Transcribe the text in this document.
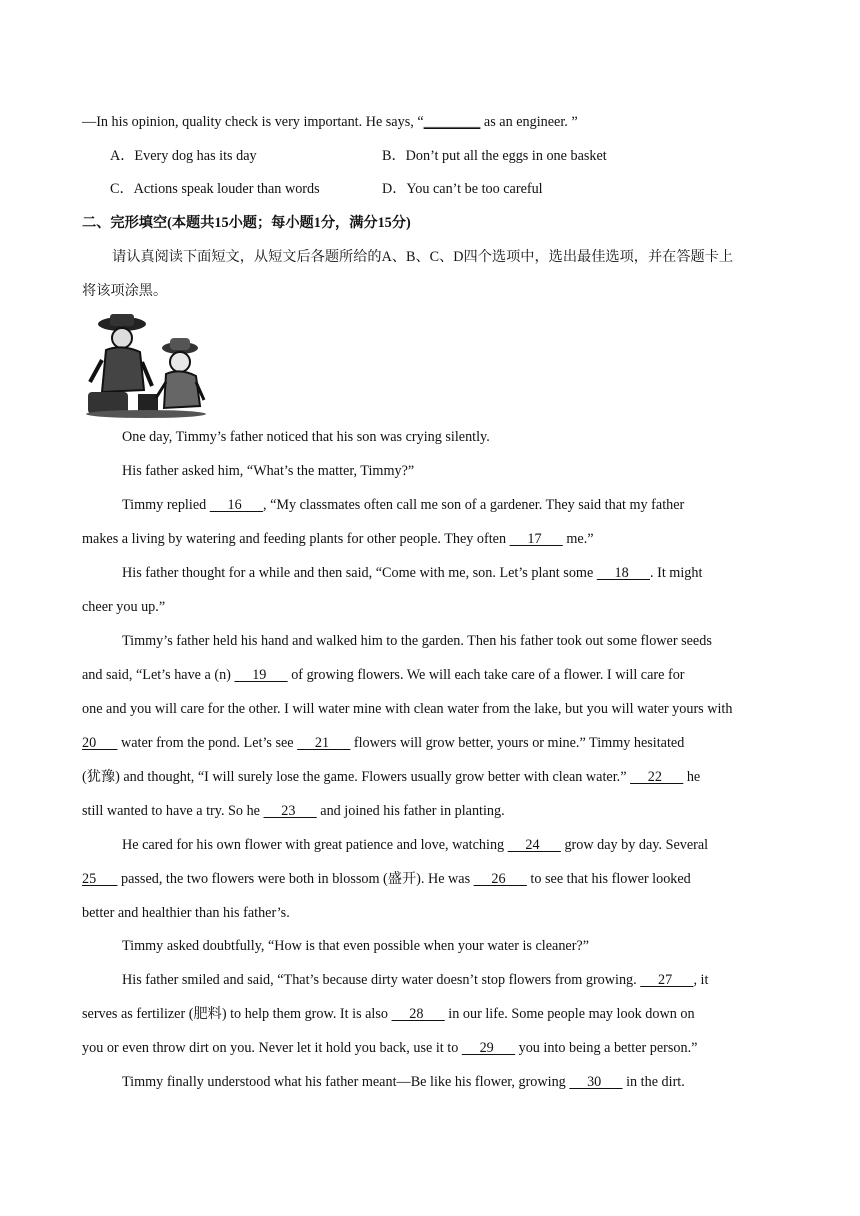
—In his opinion, quality check is very important. He says, “________ as an engineer. ”
A．Every dog has its day	B．Don’t put all the eggs in one basket
C．Actions speak louder than words	D．You can’t be too careful
二、完形填空(本题共15小题；每小题1分，满分15分)
请认真阅读下面短文，从短文后各题所给的A、B、C、D四个选项中，选出最佳选项，并在答题卡上
将该项涂黑。
One day, Timmy’s father noticed that his son was crying silently.
His father asked him, “What’s the matter, Timmy?”
Timmy replied      16      , “My classmates often call me son of a gardener. They said that my father
makes a living by watering and feeding plants for other people. They often      17       me.”
His father thought for a while and then said, “Come with me, son. Let’s plant some      18      . It might
cheer you up.”
Timmy’s father held his hand and walked him to the garden. Then his father took out some flower seeds
and said, “Let’s have a (n)      19       of growing flowers. We will each take care of a flower. I will care for
one and you will care for the other. I will water mine with clean water from the lake, but you will water yours with
20       water from the pond. Let’s see      21       flowers will grow better, yours or mine.” Timmy hesitated
(犹豫) and thought, “I will surely lose the game. Flowers usually grow better with clean water.”      22       he
still wanted to have a try. So he      23       and joined his father in planting.
He cared for his own flower with great patience and love, watching      24       grow day by day. Several
25       passed, the two flowers were both in blossom (盛开). He was      26       to see that his flower looked
better and healthier than his father’s.
Timmy asked doubtfully, “How is that even possible when your water is cleaner?”
His father smiled and said, “That’s because dirty water doesn’t stop flowers from growing.      27      , it
serves as fertilizer (肥料) to help them grow. It is also      28       in our life. Some people may look down on
you or even throw dirt on you. Never let it hold you back, use it to      29       you into being a better person.”
Timmy finally understood what his father meant—Be like his flower, growing      30       in the dirt.
